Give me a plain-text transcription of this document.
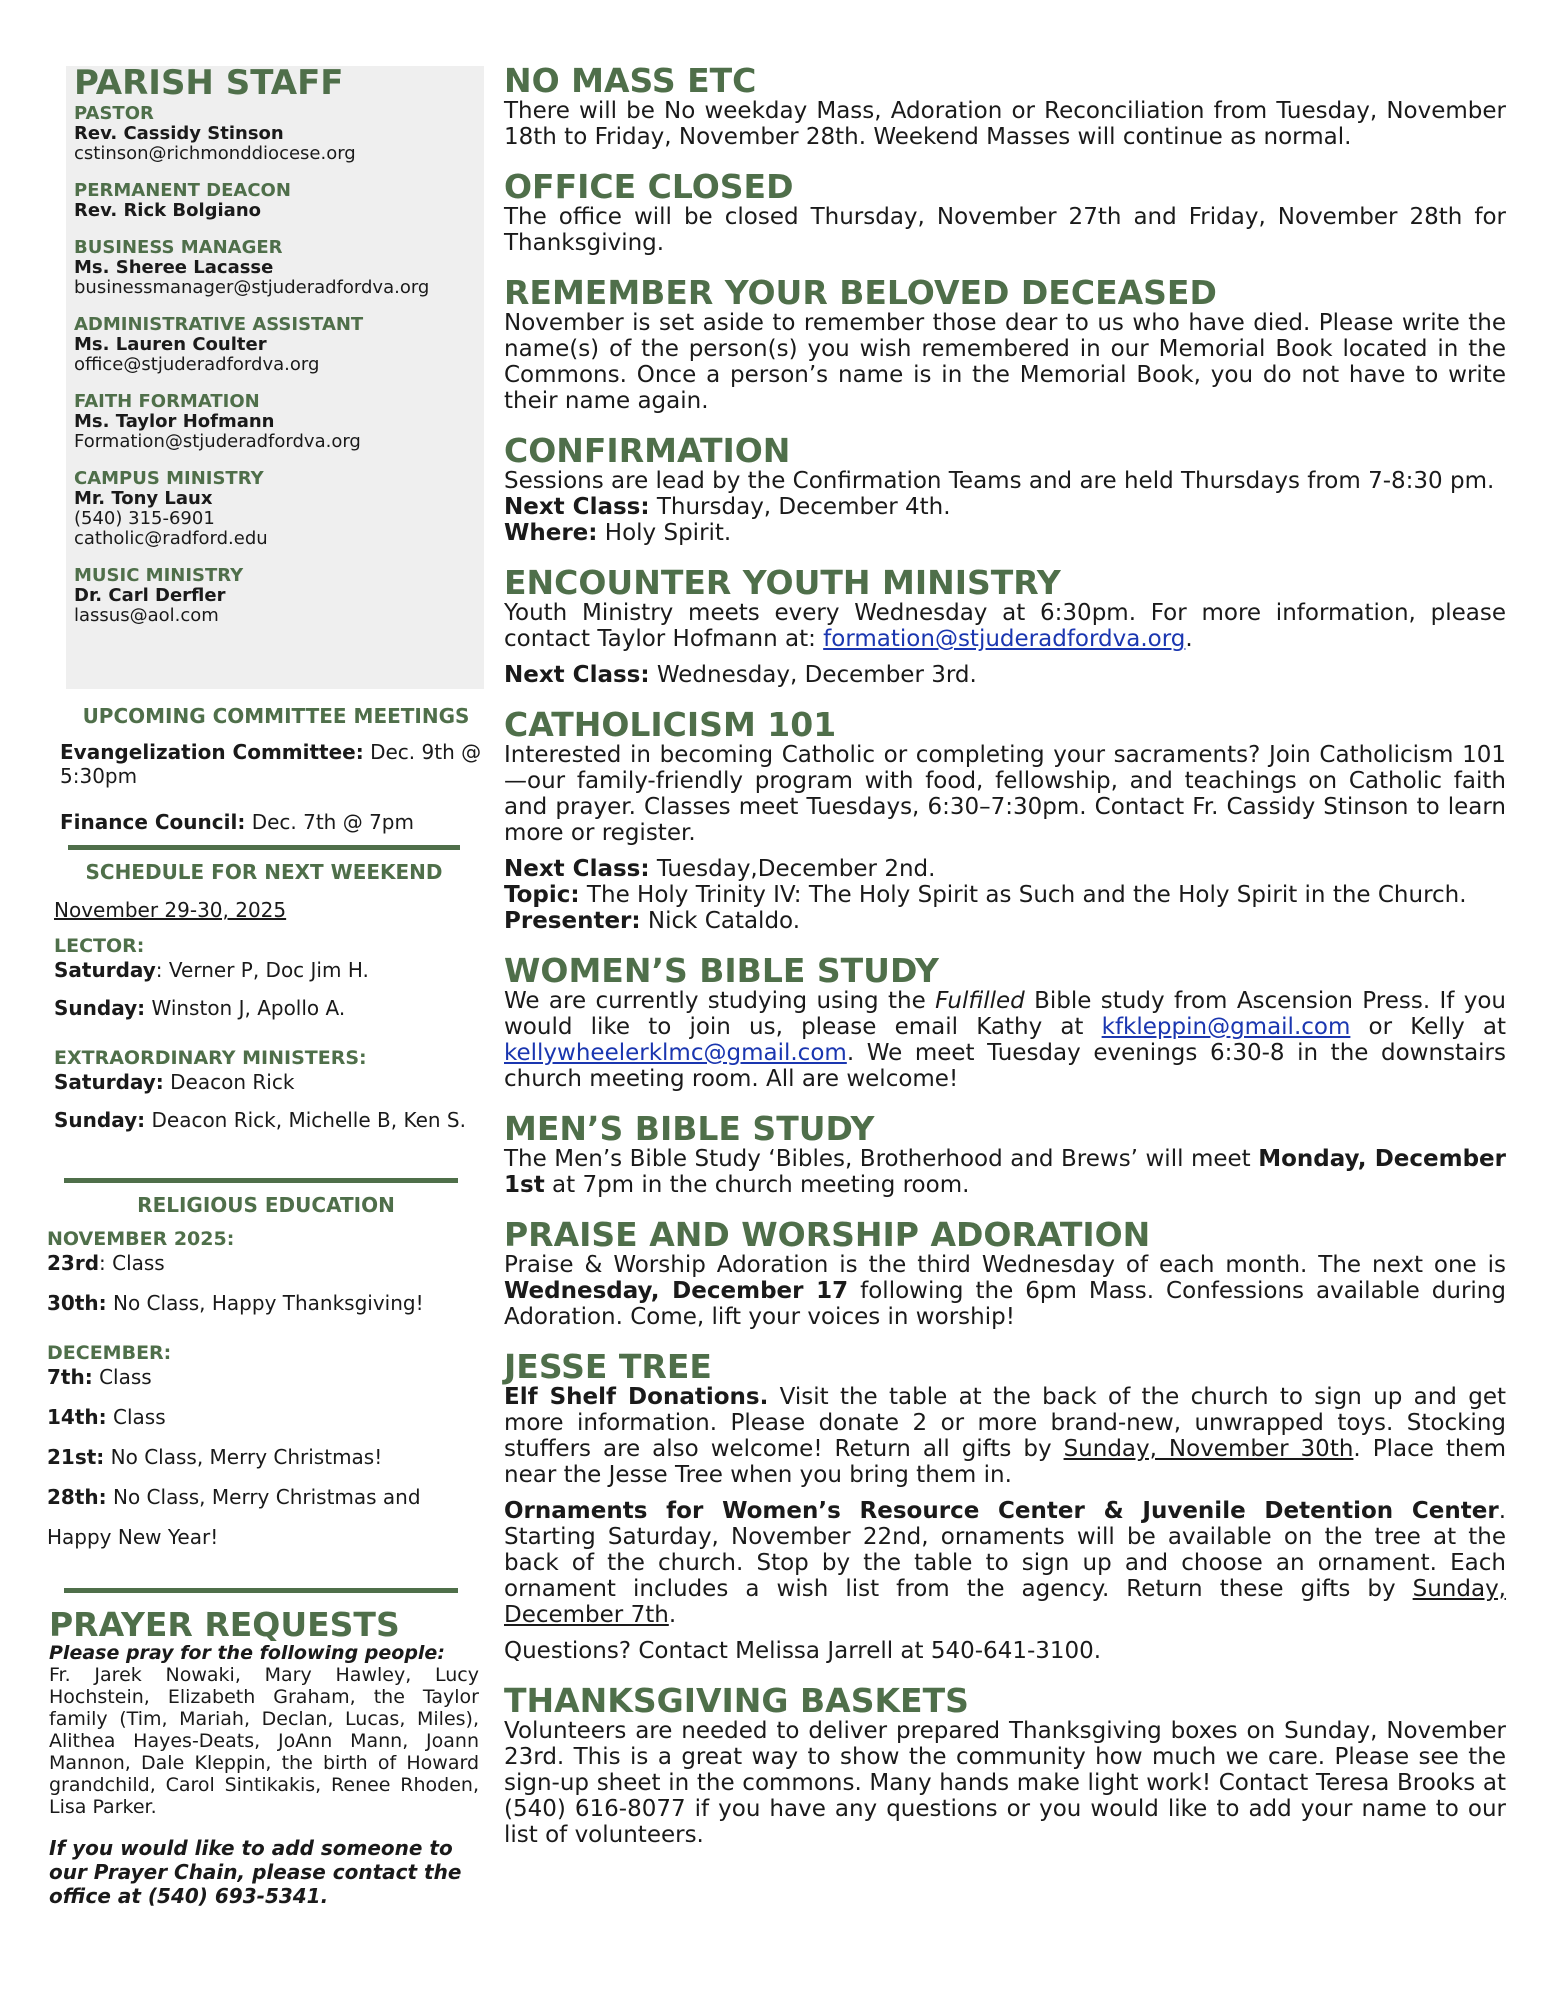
PARISH STAFF
PASTOR
Rev. Cassidy Stinson
cstinson@richmonddiocese.org
PERMANENT DEACON
Rev. Rick Bolgiano
BUSINESS MANAGER
Ms. Sheree Lacasse
businessmanager@stjuderadfordva.org
ADMINISTRATIVE ASSISTANT
Ms. Lauren Coulter
office@stjuderadfordva.org
FAITH FORMATION
Ms. Taylor Hofmann
Formation@stjuderadfordva.org
CAMPUS MINISTRY
Mr. Tony Laux
(540) 315-6901
catholic@radford.edu
MUSIC MINISTRY
Dr. Carl Derfler
lassus@aol.com
UPCOMING COMMITTEE MEETINGS
Evangelization Committee: Dec. 9th @ 5:30pm
Finance Council: Dec. 7th @ 7pm
SCHEDULE FOR NEXT WEEKEND
November 29-30, 2025
LECTOR:
Saturday: Verner P, Doc Jim H.
Sunday: Winston J, Apollo A.
EXTRAORDINARY MINISTERS:
Saturday: Deacon Rick
Sunday: Deacon Rick, Michelle B, Ken S.
RELIGIOUS EDUCATION
NOVEMBER 2025:
23rd: Class
30th: No Class, Happy Thanksgiving!
DECEMBER:
7th: Class
14th: Class
21st: No Class, Merry Christmas!
28th: No Class, Merry Christmas and Happy New Year!
PRAYER REQUESTS
Please pray for the following people:
Fr. Jarek Nowaki, Mary Hawley, Lucy Hochstein, Elizabeth Graham, the Taylor family (Tim, Mariah, Declan, Lucas, Miles), Alithea Hayes-Deats, JoAnn Mann, Joann Mannon, Dale Kleppin, the birth of Howard grandchild, Carol Sintikakis, Renee Rhoden, Lisa Parker.
If you would like to add someone to our Prayer Chain, please contact the office at (540) 693-5341.
NO MASS ETC

There will be No weekday Mass, Adoration or Reconciliation from Tuesday, November 18th to Friday, November 28th. Weekend Masses will continue as normal.

OFFICE CLOSED

The office will be closed Thursday, November 27th and Friday, November 28th for Thanksgiving.

REMEMBER YOUR BELOVED DECEASED

November is set aside to remember those dear to us who have died. Please write the name(s) of the person(s) you wish remembered in our Memorial Book located in the Commons. Once a person’s name is in the Memorial Book, you do not have to write their name again.

CONFIRMATION

Sessions are lead by the Confirmation Teams and are held Thursdays from 7-8:30 pm.

Next Class: Thursday, December 4th.

Where: Holy Spirit.

ENCOUNTER YOUTH MINISTRY

Youth Ministry meets every Wednesday at 6:30pm. For more information, please contact Taylor Hofmann at: formation@stjuderadfordva.org.

Next Class: Wednesday, December 3rd.

CATHOLICISM 101

Interested in becoming Catholic or completing your sacraments? Join Catholicism 101—our family-friendly program with food, fellowship, and teachings on Catholic faith and prayer. Classes meet Tuesdays, 6:30–7:30pm. Contact Fr. Cassidy Stinson to learn more or register.

Next Class: Tuesday,December 2nd.

Topic: The Holy Trinity IV: The Holy Spirit as Such and the Holy Spirit in the Church.

Presenter: Nick Cataldo.

WOMEN’S BIBLE STUDY

We are currently studying using the Fulfilled Bible study from Ascension Press. If you would like to join us, please email Kathy at kfkleppin@gmail.com or Kelly at kellywheelerklmc@gmail.com. We meet Tuesday evenings 6:30-8 in the downstairs church meeting room. All are welcome!

MEN’S BIBLE STUDY

The Men’s Bible Study ‘Bibles, Brotherhood and Brews’ will meet Monday, December 1st at 7pm in the church meeting room.

PRAISE AND WORSHIP ADORATION

Praise & Worship Adoration is the third Wednesday of each month. The next one is Wednesday, December 17 following the 6pm Mass. Confessions available during Adoration. Come, lift your voices in worship!

JESSE TREE

Elf Shelf Donations. Visit the table at the back of the church to sign up and get more information. Please donate 2 or more brand-new, unwrapped toys. Stocking stuffers are also welcome! Return all gifts by Sunday, November 30th. Place them near the Jesse Tree when you bring them in.

Ornaments for Women’s Resource Center & Juvenile Detention Center. Starting Saturday, November 22nd, ornaments will be available on the tree at the back of the church. Stop by the table to sign up and choose an ornament. Each ornament includes a wish list from the agency. Return these gifts by Sunday, December 7th.

Questions? Contact Melissa Jarrell at 540-641-3100.

THANKSGIVING BASKETS

Volunteers are needed to deliver prepared Thanksgiving boxes on Sunday, November 23rd. This is a great way to show the community how much we care. Please see the sign-up sheet in the commons. Many hands make light work! Contact Teresa Brooks at (540) 616-8077 if you have any questions or you would like to add your name to our list of volunteers.
